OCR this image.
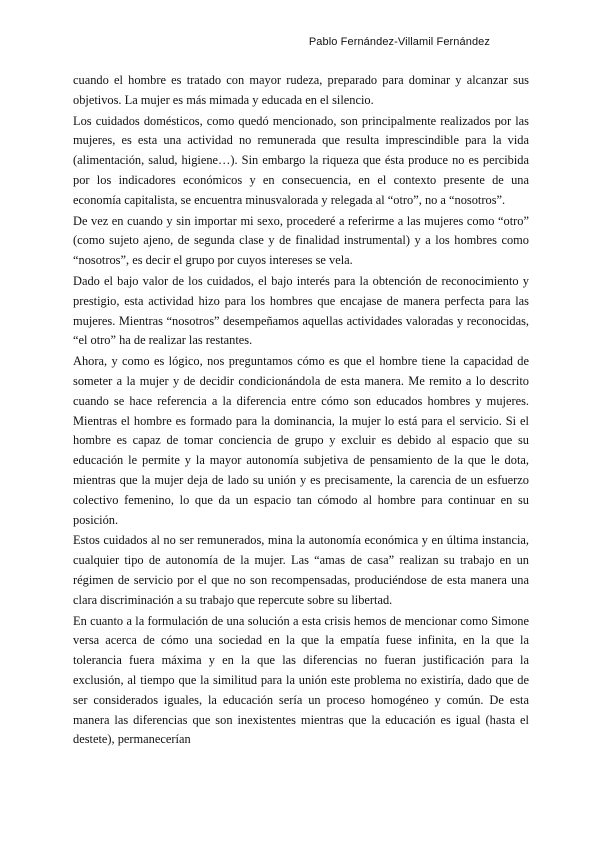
Pablo Fernández-Villamil Fernández

cuando el hombre es tratado con mayor rudeza, preparado para dominar y alcanzar sus objetivos. La mujer es más mimada y educada en el silencio.

Los cuidados domésticos, como quedó mencionado, son principalmente realizados por las mujeres, es esta una actividad no remunerada que resulta imprescindible para la vida (alimentación, salud, higiene…). Sin embargo la riqueza que ésta produce no es percibida por los indicadores económicos y en consecuencia, en el contexto presente de una economía capitalista, se encuentra minusvalorada y relegada al “otro”, no a “nosotros”.

De vez en cuando y sin importar mi sexo, procederé a referirme a las mujeres como “otro” (como sujeto ajeno, de segunda clase y de finalidad instrumental) y a los hombres como “nosotros”, es decir el grupo por cuyos intereses se vela.

Dado el bajo valor de los cuidados, el bajo interés para la obtención de reconocimiento y prestigio, esta actividad hizo para los hombres que encajase de manera perfecta para las mujeres. Mientras “nosotros” desempeñamos aquellas actividades valoradas y reconocidas, “el otro” ha de realizar las restantes.

Ahora, y como es lógico, nos preguntamos cómo es que el hombre tiene la capacidad de someter a la mujer y de decidir condicionándola de esta manera. Me remito a lo descrito cuando se hace referencia a la diferencia entre cómo son educados hombres y mujeres. Mientras el hombre es formado para la dominancia, la mujer lo está para el servicio. Si el hombre es capaz de tomar conciencia de grupo y excluir es debido al espacio que su educación le permite y la mayor autonomía subjetiva de pensamiento de la que le dota, mientras que la mujer deja de lado su unión y es precisamente, la carencia de un esfuerzo colectivo femenino, lo que da un espacio tan cómodo al hombre para continuar en su posición.

Estos cuidados al no ser remunerados, mina la autonomía económica y en última instancia, cualquier tipo de autonomía de la mujer. Las “amas de casa” realizan su trabajo en un régimen de servicio por el que no son recompensadas, produciéndose de esta manera una clara discriminación a su trabajo que repercute sobre su libertad.

En cuanto a la formulación de una solución a esta crisis hemos de mencionar como Simone versa acerca de cómo una sociedad en la que la empatía fuese infinita, en la que la tolerancia fuera máxima y en la que las diferencias no fueran justificación para la exclusión, al tiempo que la similitud para la unión este problema no existiría, dado que de ser considerados iguales, la educación sería un proceso homogéneo y común. De esta manera las diferencias que son inexistentes mientras que la educación es igual (hasta el destete), permanecerían
